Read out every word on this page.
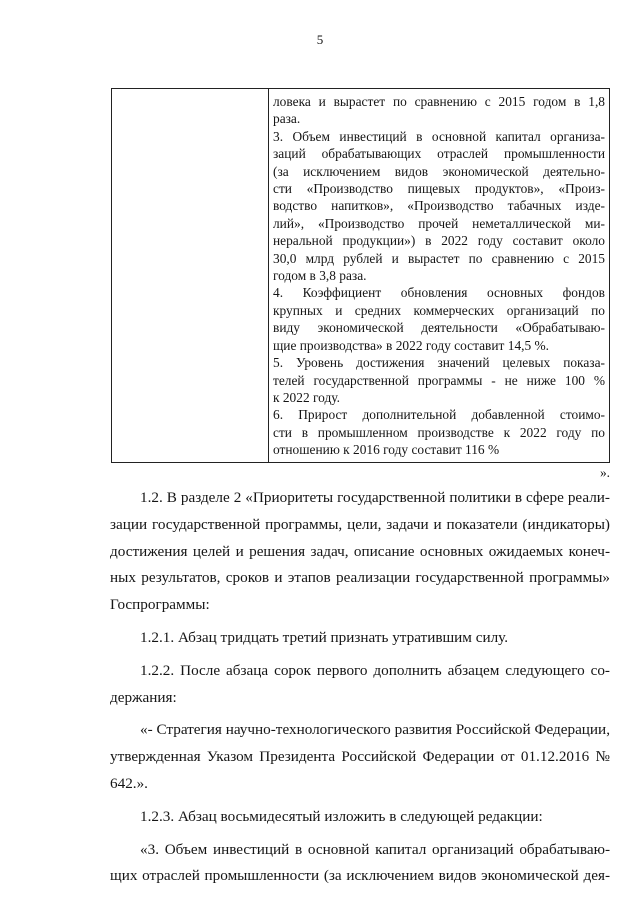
5
ловека и вырастет по сравнению с 2015 годом в 1,8
раза.
3. Объем инвестиций в основной капитал организа-
заций обрабатывающих отраслей промышленности
(за исключением видов экономической деятельно-
сти «Производство пищевых продуктов», «Произ-
водство напитков», «Производство табачных изде-
лий», «Производство прочей неметаллической ми-
неральной продукции») в 2022 году составит около
30,0 млрд рублей и вырастет по сравнению с 2015
годом в 3,8 раза.
4. Коэффициент обновления основных фондов
крупных и средних коммерческих организаций по
виду экономической деятельности «Обрабатываю-
щие производства» в 2022 году составит 14,5 %.
5. Уровень достижения значений целевых показа-
телей государственной программы - не ниже 100 %
к 2022 году.
6. Прирост дополнительной добавленной стоимо-
сти в промышленном производстве к 2022 году по
отношению к 2016 году составит 116 %
».
1.2. В разделе 2 «Приоритеты государственной политики в сфере реали-
зации государственной программы, цели, задачи и показатели (индикаторы)
достижения целей и решения задач, описание основных ожидаемых конеч-
ных результатов, сроков и этапов реализации государственной программы»
Госпрограммы:
1.2.1. Абзац тридцать третий признать утратившим силу.
1.2.2. После абзаца сорок первого дополнить абзацем следующего со-
держания:
«- Стратегия научно-технологического развития Российской Федерации,
утвержденная Указом Президента Российской Федерации от 01.12.2016 №
642.».
1.2.3. Абзац восьмидесятый изложить в следующей редакции:
«3. Объем инвестиций в основной капитал организаций обрабатываю-
щих отраслей промышленности (за исключением видов экономической дея-
